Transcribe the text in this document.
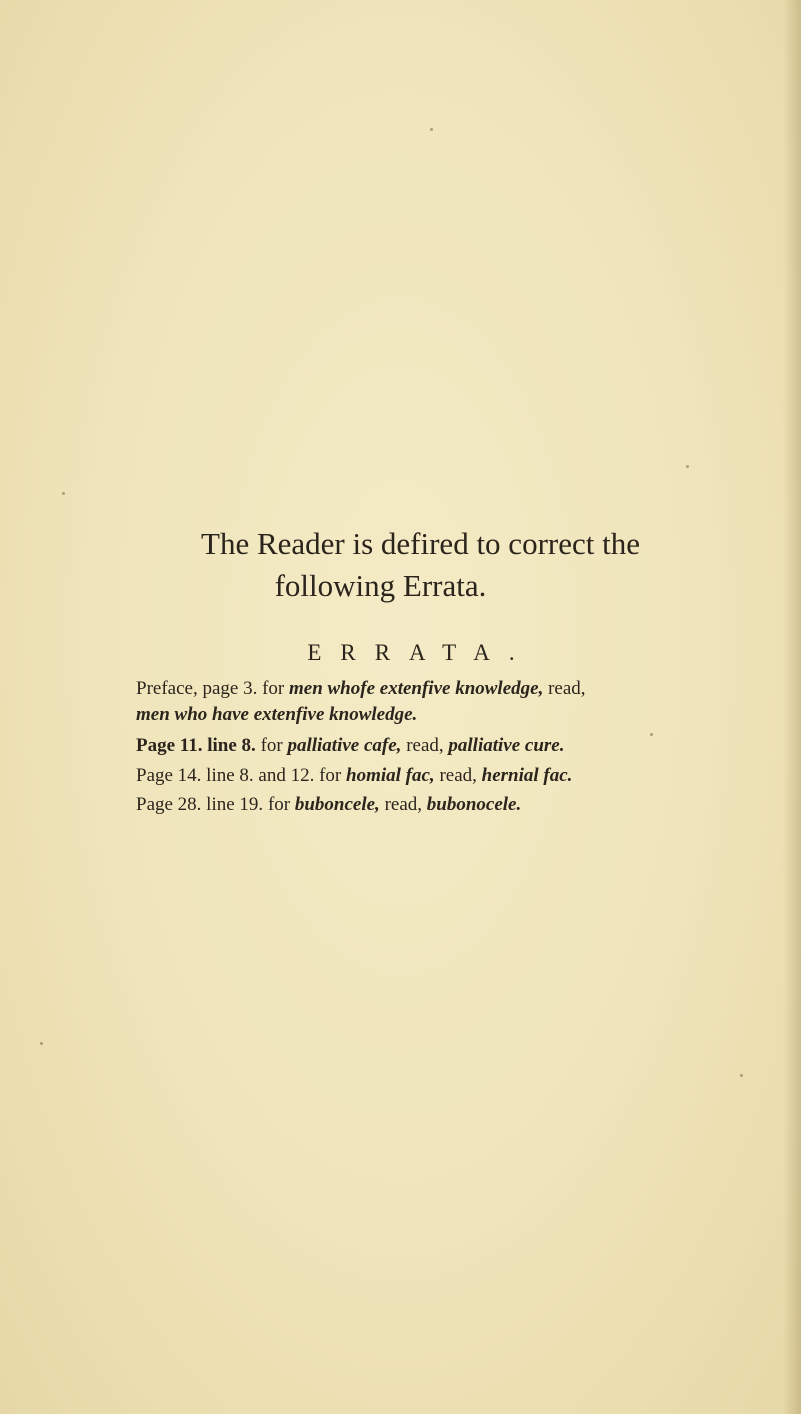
The Reader is defired to correct the
following Errata.
ERRATA.
Preface, page 3. for men whofe extenfive knowledge, read,
men who have extenfive knowledge.
Page 11. line 8. for palliative cafe, read, palliative cure.
Page 14. line 8. and 12. for homial fac, read, hernial fac.
Page 28. line 19. for buboncele, read, bubonocele.
